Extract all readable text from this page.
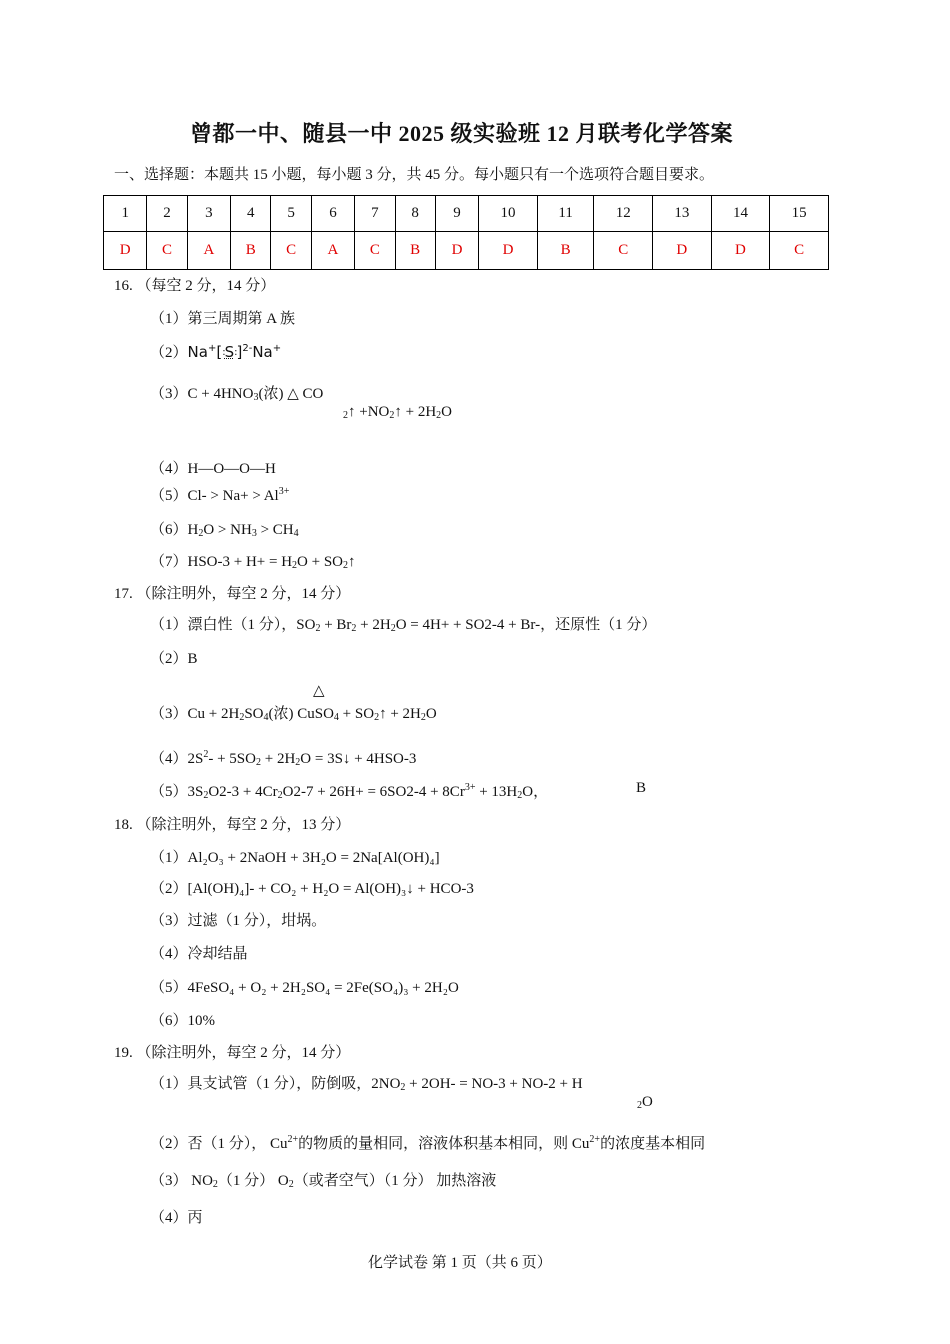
曾都一中、随县一中 2025 级实验班 12 月联考化学答案
一、选择题：本题共 15 小题，每小题 3 分，共 45 分。每小题只有一个选项符合题目要求。
1	2	3	4	5	6	7	8	9	10	11	12	13	14	15
D	C	A	B	C	A	C	B	D	D	B	C	D	D	C
16. （每空 2 分，14 分）
（1）第三周期第 A 族
（2）Na+[:S:]$^{2-}$Na+
$(3)C + 4HNO_3$(浓) △ CO
$_2$↑ $+NO_2↑ + 2H_2O$
（4）H—O—O—H
$(5)Cl- > Na+ > Al^{3+}$
$(6)H_2O > NH_3 > CH_4$
$(7)HSO-3 + H+ = H_2O$ + $SO_2↑$
17. （除注明外，每空 2 分，14 分）
（1）漂白性（1 分），$SO_2 + Br_2 + 2H_2O = 4H+ + SO2-4 + Br-$，还原性（1 分）
（2）B
△
$(3)Cu + 2H_2SO_4$(浓) CuSO$_4$ + $SO_2↑ + 2H_2O$
$(4)2S^2- + 5SO_2 + 2H_2O$ = 3S↓ + 4HSO-3
$(5)3S_2O2-3 + 4Cr_2O2-7 + 26H+ = 6SO2-4 + 8Cr^{3+} + 13H_2O$，	B
18. （除注明外，每空 2 分，13 分）
（1）Al₂O₃ + 2NaOH + 3H₂O = 2Na[Al(OH)₄]
（2）[Al(OH)₄]- + CO₂ + H₂O = Al(OH)₃↓ + HCO-3
（3）过滤（1 分），坩埚。
（4）冷却结晶
（5）4FeSO₄ + O₂ + 2H₂SO₄ = 2Fe(SO₄)₃ + 2H₂O
（6）10%
19. （除注明外，每空 2 分，14 分）
（1）具支试管（1 分），防倒吸，$2NO_2 + 2OH- = NO-3 + NO-2 + H$
$_2$O
（2）否（1 分）， $Cu^{2+}$的物质的量相同，溶液体积基本相同，则 $Cu^{2+}$的浓度基本相同
（3） $NO_2(1$ 分） $O_2$（或者空气）（1 分） 加热溶液
（4）丙
化学试卷 第 1 页（共 6 页）
